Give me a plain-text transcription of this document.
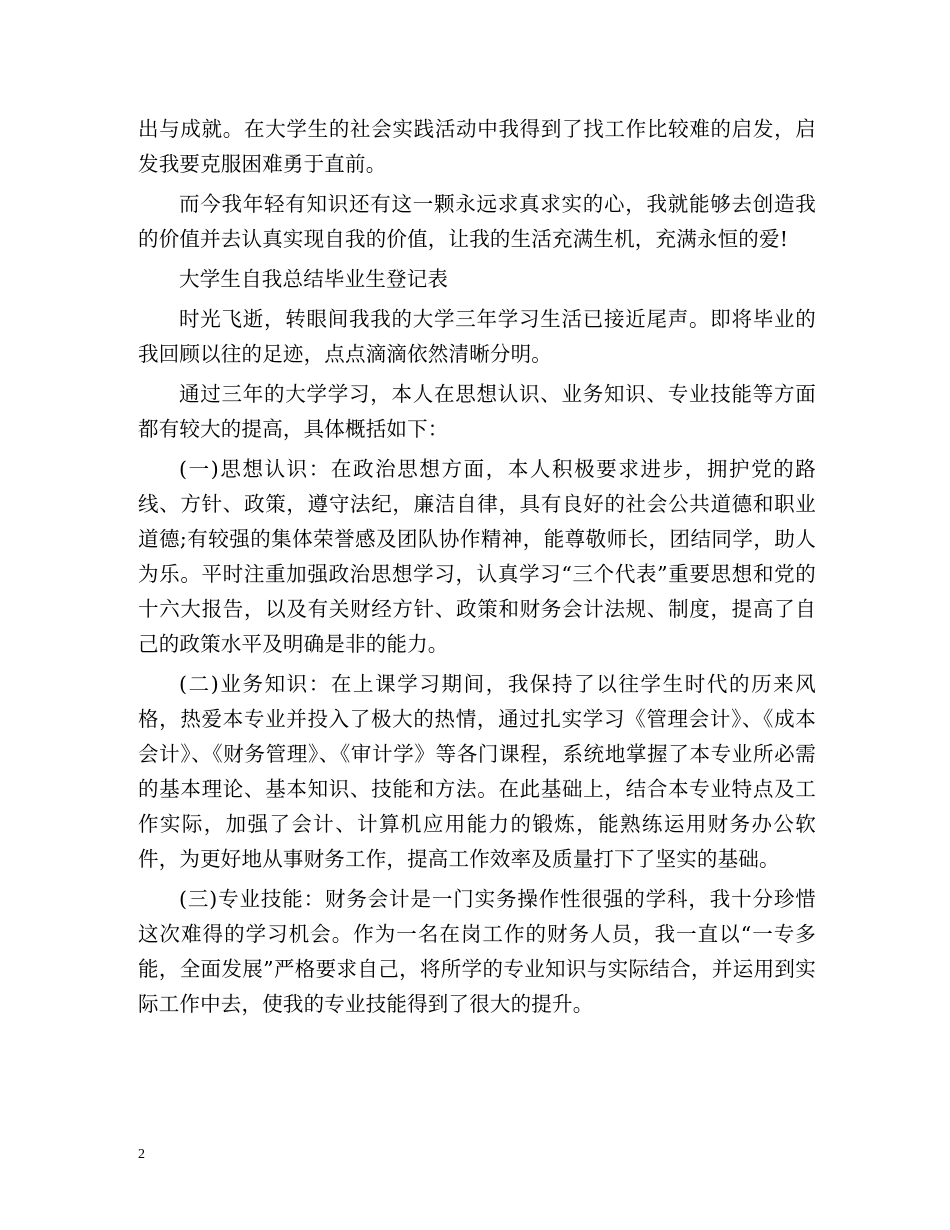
出与成就。在大学生的社会实践活动中我得到了找工作比较难的启发，启发我要克服困难勇于直前。

而今我年轻有知识还有这一颗永远求真求实的心，我就能够去创造我的价值并去认真实现自我的价值，让我的生活充满生机，充满永恒的爱!

大学生自我总结毕业生登记表

时光飞逝，转眼间我我的大学三年学习生活已接近尾声。即将毕业的我回顾以往的足迹，点点滴滴依然清晰分明。

通过三年的大学学习，本人在思想认识、业务知识、专业技能等方面都有较大的提高，具体概括如下：

(一)思想认识：在政治思想方面，本人积极要求进步，拥护党的路线、方针、政策，遵守法纪，廉洁自律，具有良好的社会公共道德和职业道德;有较强的集体荣誉感及团队协作精神，能尊敬师长，团结同学，助人为乐。平时注重加强政治思想学习，认真学习“三个代表”重要思想和党的十六大报告，以及有关财经方针、政策和财务会计法规、制度，提高了自己的政策水平及明确是非的能力。

(二)业务知识：在上课学习期间，我保持了以往学生时代的历来风格，热爱本专业并投入了极大的热情，通过扎实学习《管理会计》、《成本会计》、《财务管理》、《审计学》等各门课程，系统地掌握了本专业所必需的基本理论、基本知识、技能和方法。在此基础上，结合本专业特点及工作实际，加强了会计、计算机应用能力的锻炼，能熟练运用财务办公软件，为更好地从事财务工作，提高工作效率及质量打下了坚实的基础。

(三)专业技能：财务会计是一门实务操作性很强的学科，我十分珍惜这次难得的学习机会。作为一名在岗工作的财务人员，我一直以“一专多能，全面发展”严格要求自己，将所学的专业知识与实际结合，并运用到实际工作中去，使我的专业技能得到了很大的提升。

2
